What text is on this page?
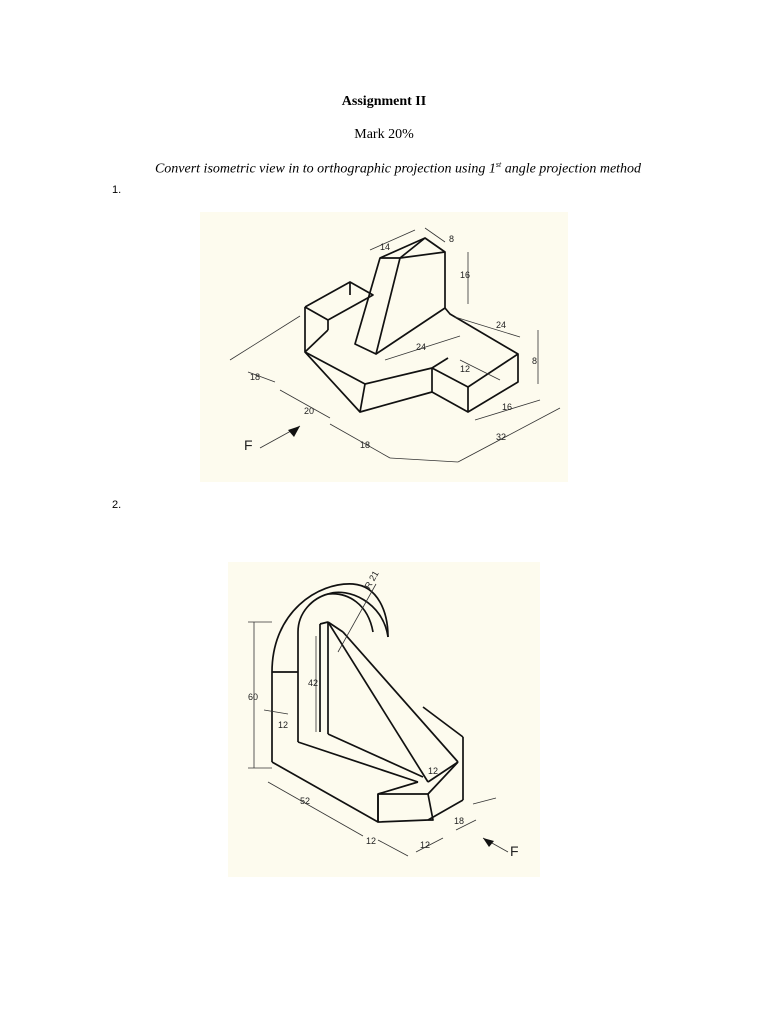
Assignment II
Mark 20%
Convert isometric view in to orthographic projection using 1st angle projection method
1.
14
8
16
24
8
24
12
18
20	16
18
32
F
2.
R 21
42
60
12
12
52
18
12	12	F
